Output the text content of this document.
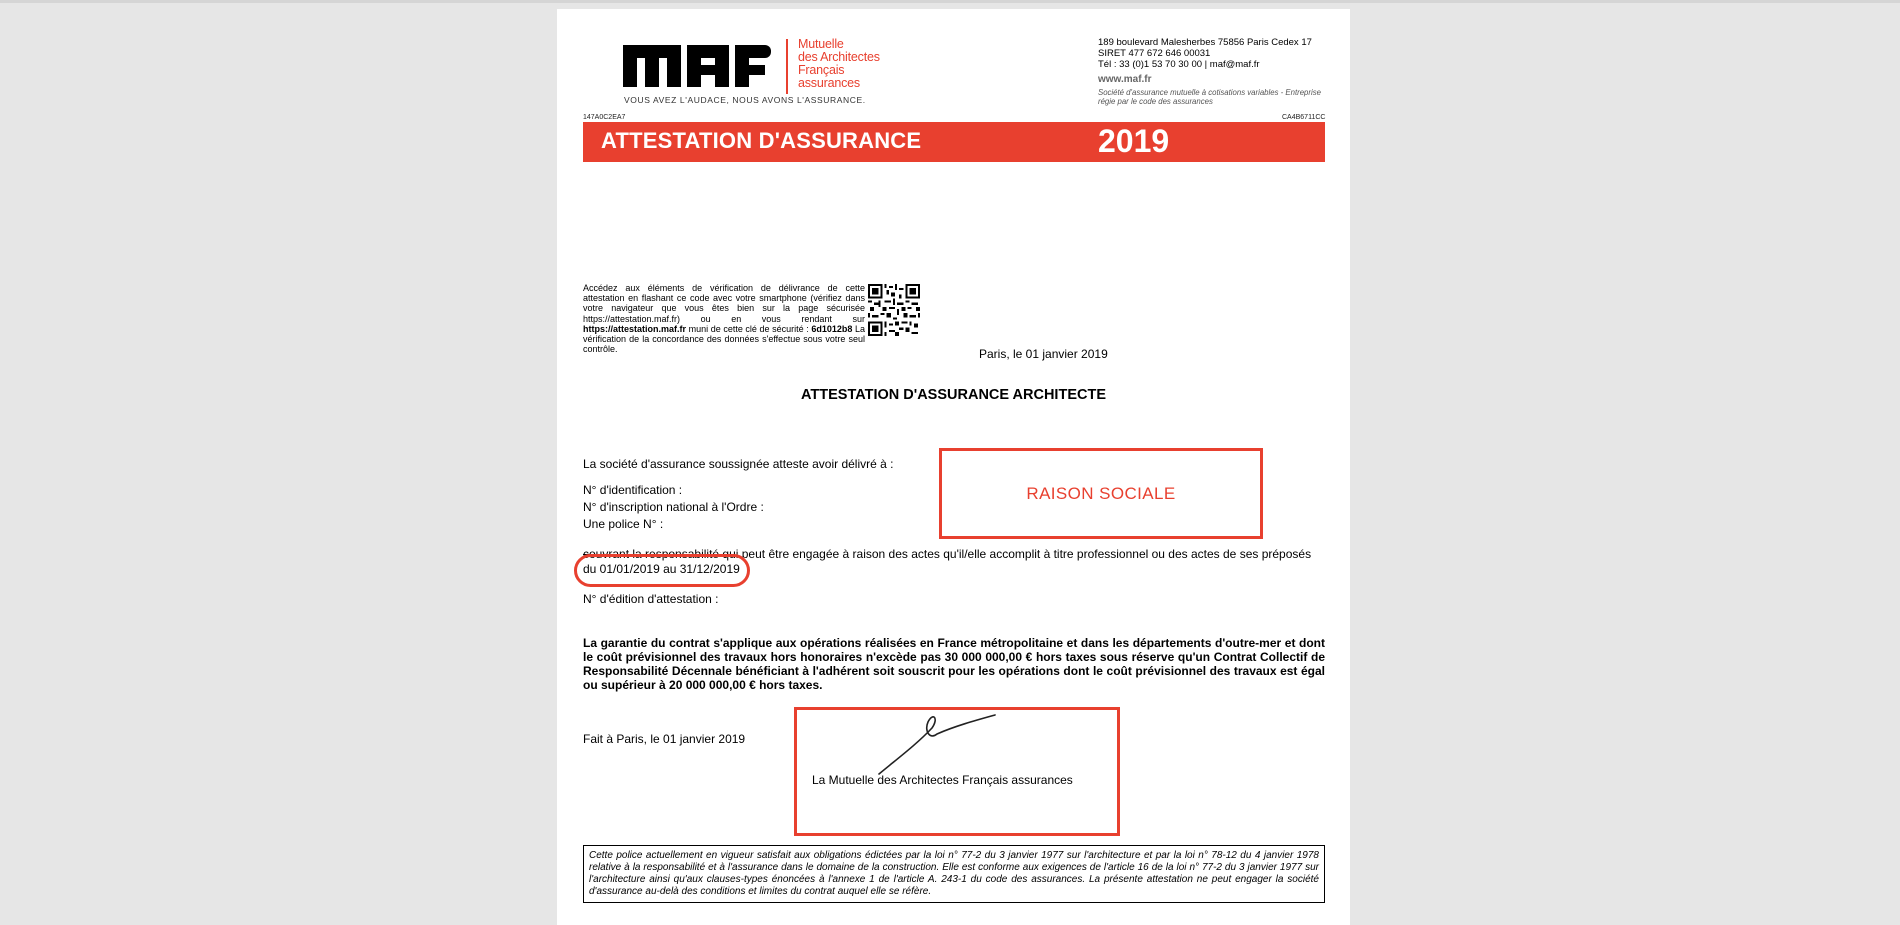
Mutuelle
des Architectes
Français
assurances
VOUS AVEZ L'AUDACE, NOUS AVONS L'ASSURANCE.
189 boulevard Malesherbes 75856 Paris Cedex 17
SIRET 477 672 646 00031
Tél : 33 (0)1 53 70 30 00 | maf@maf.fr
www.maf.fr
Société d'assurance mutuelle à cotisations variables - Entreprise régie par le code des assurances
147A0C2EA7	CA4B6711CC
ATTESTATION D'ASSURANCE	2019
Accédez aux éléments de vérification de délivrance de cette attestation en flashant ce code avec votre smartphone (vérifiez dans votre navigateur que vous êtes bien sur la page sécurisée https://attestation.maf.fr) ou en vous rendant sur https://attestation.maf.fr muni de cette clé de sécurité : 6d1012b8 La vérification de la concordance des données s'effectue sous votre seul contrôle.	Paris, le 01 janvier 2019
ATTESTATION D'ASSURANCE ARCHITECTE
La société d'assurance soussignée atteste avoir délivré à :
N° d'identification :
N° d'inscription national à l'Ordre :
Une police N° :
RAISON SOCIALE
couvrant la responsabilité qui peut être engagée à raison des actes qu'il/elle accomplit à titre professionnel ou des actes de ses préposés
du 01/01/2019 au 31/12/2019
N° d'édition d'attestation :
La garantie du contrat s'applique aux opérations réalisées en France métropolitaine et dans les départements d'outre-mer et dont le coût prévisionnel des travaux hors honoraires n'excède pas 30 000 000,00 € hors taxes sous réserve qu'un Contrat Collectif de Responsabilité Décennale bénéficiant à l'adhérent soit souscrit pour les opérations dont le coût prévisionnel des travaux est égal ou supérieur à 20 000 000,00 € hors taxes.
Fait à Paris, le 01 janvier 2019
La Mutuelle des Architectes Français assurances
Cette police actuellement en vigueur satisfait aux obligations édictées par la loi n° 77-2 du 3 janvier 1977 sur l'architecture et par la loi n° 78-12 du 4 janvier 1978 relative à la responsabilité et à l'assurance dans le domaine de la construction. Elle est conforme aux exigences de l'article 16 de la loi n° 77-2 du 3 janvier 1977 sur l'architecture ainsi qu'aux clauses-types énoncées à l'annexe 1 de l'article A. 243-1 du code des assurances. La présente attestation ne peut engager la société d'assurance au-delà des conditions et limites du contrat auquel elle se réfère.
